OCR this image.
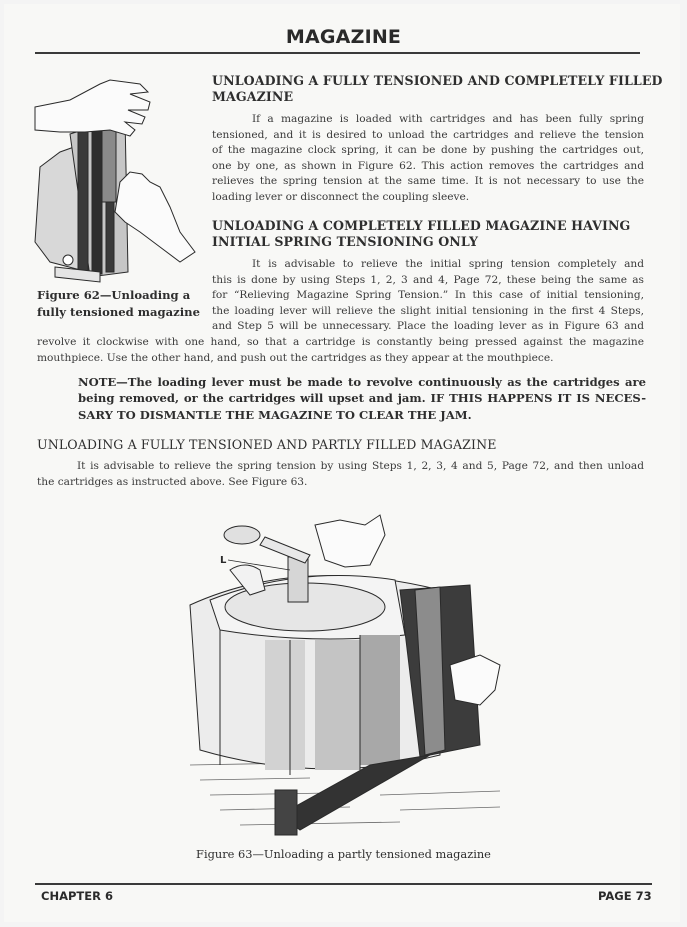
MAGAZINE
Figure 62—Unloading a
fully tensioned magazine
UNLOADING A FULLY TENSIONED AND COMPLETELY FILLED
MAGAZINE
If a magazine is loaded with cartridges and has been fully spring
tensioned, and it is desired to unload the cartridges and relieve the tension
of the magazine clock spring, it can be done by pushing the cartridges out,
one by one, as shown in Figure 62. This action removes the cartridges and
relieves the spring tension at the same time. It is not necessary to use the
loading lever or disconnect the coupling sleeve.
UNLOADING A COMPLETELY FILLED MAGAZINE HAVING
INITIAL SPRING TENSIONING ONLY
It is advisable to relieve the initial spring tension completely and
this is done by using Steps 1, 2, 3 and 4, Page 72, these being the same as
for “Relieving Magazine Spring Tension.” In this case of initial tensioning,
the loading lever will relieve the slight initial tensioning in the first 4 Steps,
and Step 5 will be unnecessary. Place the loading lever as in Figure 63 and
revolve it clockwise with one hand, so that a cartridge is constantly being pressed against the magazine
mouthpiece. Use the other hand, and push out the cartridges as they appear at the mouthpiece.
NOTE—The loading lever must be made to revolve continuously as the cartridges are
being removed, or the cartridges will upset and jam. IF THIS HAPPENS IT IS NECES-
SARY TO DISMANTLE THE MAGAZINE TO CLEAR THE JAM.
UNLOADING A FULLY TENSIONED AND PARTLY FILLED MAGAZINE
It is advisable to relieve the spring tension by using Steps 1, 2, 3, 4 and 5, Page 72, and then unload
the cartridges as instructed above. See Figure 63.
L
Figure 63—Unloading a partly tensioned magazine
CHAPTER 6	PAGE 73
